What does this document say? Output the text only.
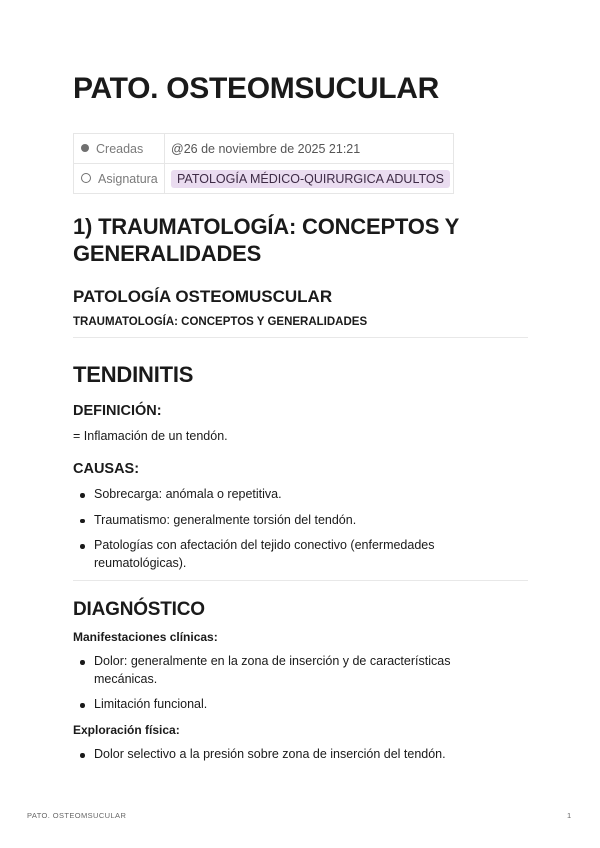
PATO. OSTEOMSUCULAR
Creadas	@26 de noviembre de 2025 21:21
Asignatura	PATOLOGÍA MÉDICO-QUIRURGICA ADULTOS
1) TRAUMATOLOGÍA: CONCEPTOS Y GENERALIDADES
PATOLOGÍA OSTEOMUSCULAR
TRAUMATOLOGÍA: CONCEPTOS Y GENERALIDADES
TENDINITIS
DEFINICIÓN:
= Inflamación de un tendón.
CAUSAS:
Sobrecarga: anómala o repetitiva.
Traumatismo: generalmente torsión del tendón.
Patologías con afectación del tejido conectivo (enfermedades reumatológicas).
DIAGNÓSTICO
Manifestaciones clínicas:
Dolor: generalmente en la zona de inserción y de características mecánicas.
Limitación funcional.
Exploración física:
Dolor selectivo a la presión sobre zona de inserción del tendón.
PATO. OSTEOMSUCULAR	1
